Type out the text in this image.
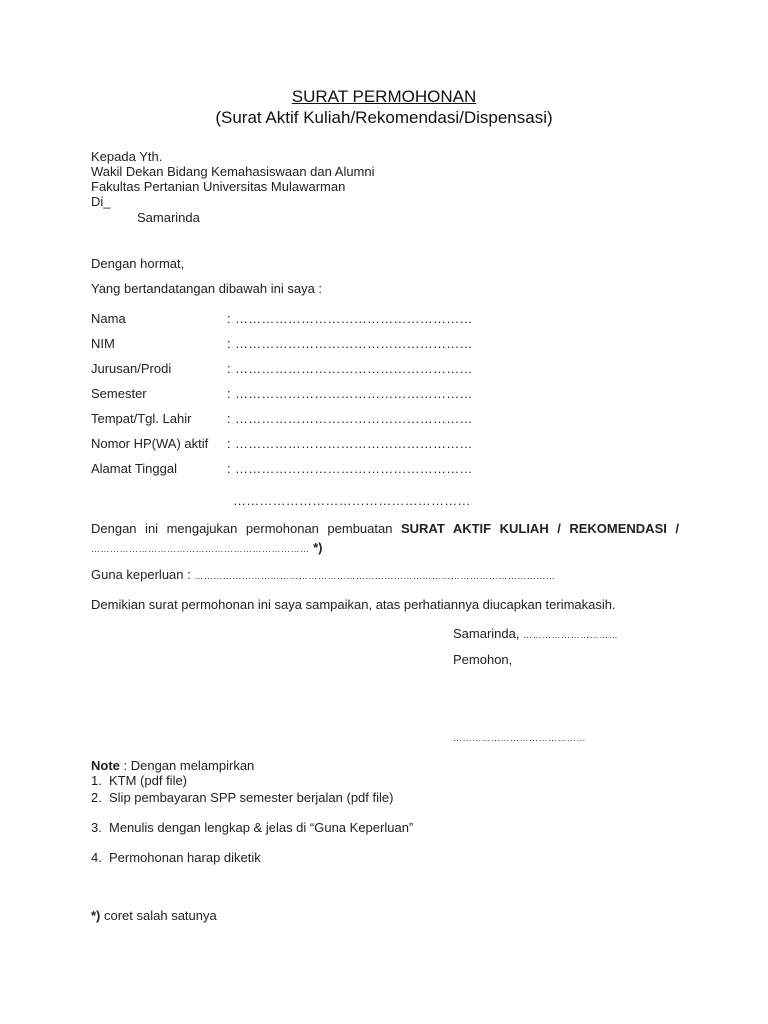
SURAT PERMOHONAN
(Surat Aktif Kuliah/Rekomendasi/Dispensasi)
Kepada Yth.
Wakil Dekan Bidang Kemahasiswaan dan Alumni
Fakultas Pertanian Universitas Mulawarman
Di_
Samarinda
Dengan hormat,
Yang bertandatangan dibawah ini saya :
Nama	: ………………………………………………
NIM	: ………………………………………………
Jurusan/Prodi	: ………………………………………………
Semester	: ………………………………………………
Tempat/Tgl. Lahir	: ………………………………………………
Nomor HP(WA) aktif : ………………………………………………
Alamat Tinggal	: ………………………………………………
………………………………………………
Dengan ini mengajukan permohonan pembuatan SURAT AKTIF KULIAH / REKOMENDASI /
…………………………………………………………… *)
Guna keperluan : ……………………………………………………………………………………………………
Demikian surat permohonan ini saya sampaikan, atas perhatiannya diucapkan terimakasih.
Samarinda, …………………………
Pemohon,
……………………………………
Note : Dengan melampirkan
1. KTM (pdf file)
2. Slip pembayaran SPP semester berjalan (pdf file)
3. Menulis dengan lengkap & jelas di “Guna Keperluan”
4. Permohonan harap diketik
*) coret salah satunya
